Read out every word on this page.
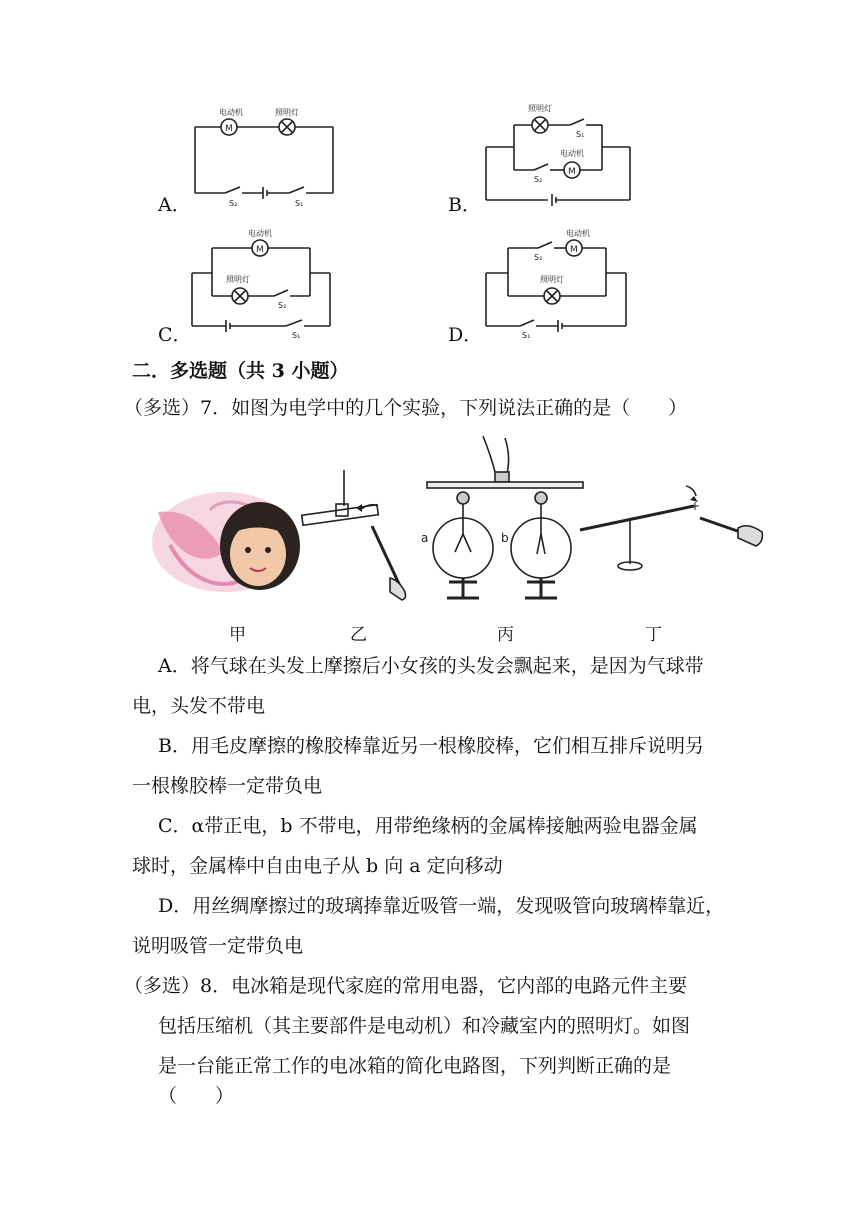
A．
M
电动机	照明灯
S₂	S₁	B．
M
照明灯
电动机
S₁
S₂
C．
M
电动机
照明灯
S₂
S₁	D．
M
电动机
照明灯
S₂
S₁
二．多选题（共 3 小题）
（多选）7．如图为电学中的几个实验，下列说法正确的是（　　）
a	b
+
甲	乙	丙	丁
A．将气球在头发上摩擦后小女孩的头发会飘起来，是因为气球带
电，头发不带电
B．用毛皮摩擦的橡胶棒靠近另一根橡胶棒，它们相互排斥说明另
一根橡胶棒一定带负电
C．α带正电，b 不带电，用带绝缘柄的金属棒接触两验电器金属
球时，金属棒中自由电子从 b 向 a 定向移动
D．用丝绸摩擦过的玻璃捧靠近吸管一端，发现吸管向玻璃棒靠近，
说明吸管一定带负电
（多选）8．电冰箱是现代家庭的常用电器，它内部的电路元件主要
包括压缩机（其主要部件是电动机）和冷藏室内的照明灯。如图
是一台能正常工作的电冰箱的简化电路图，下列判断正确的是
（　　）
